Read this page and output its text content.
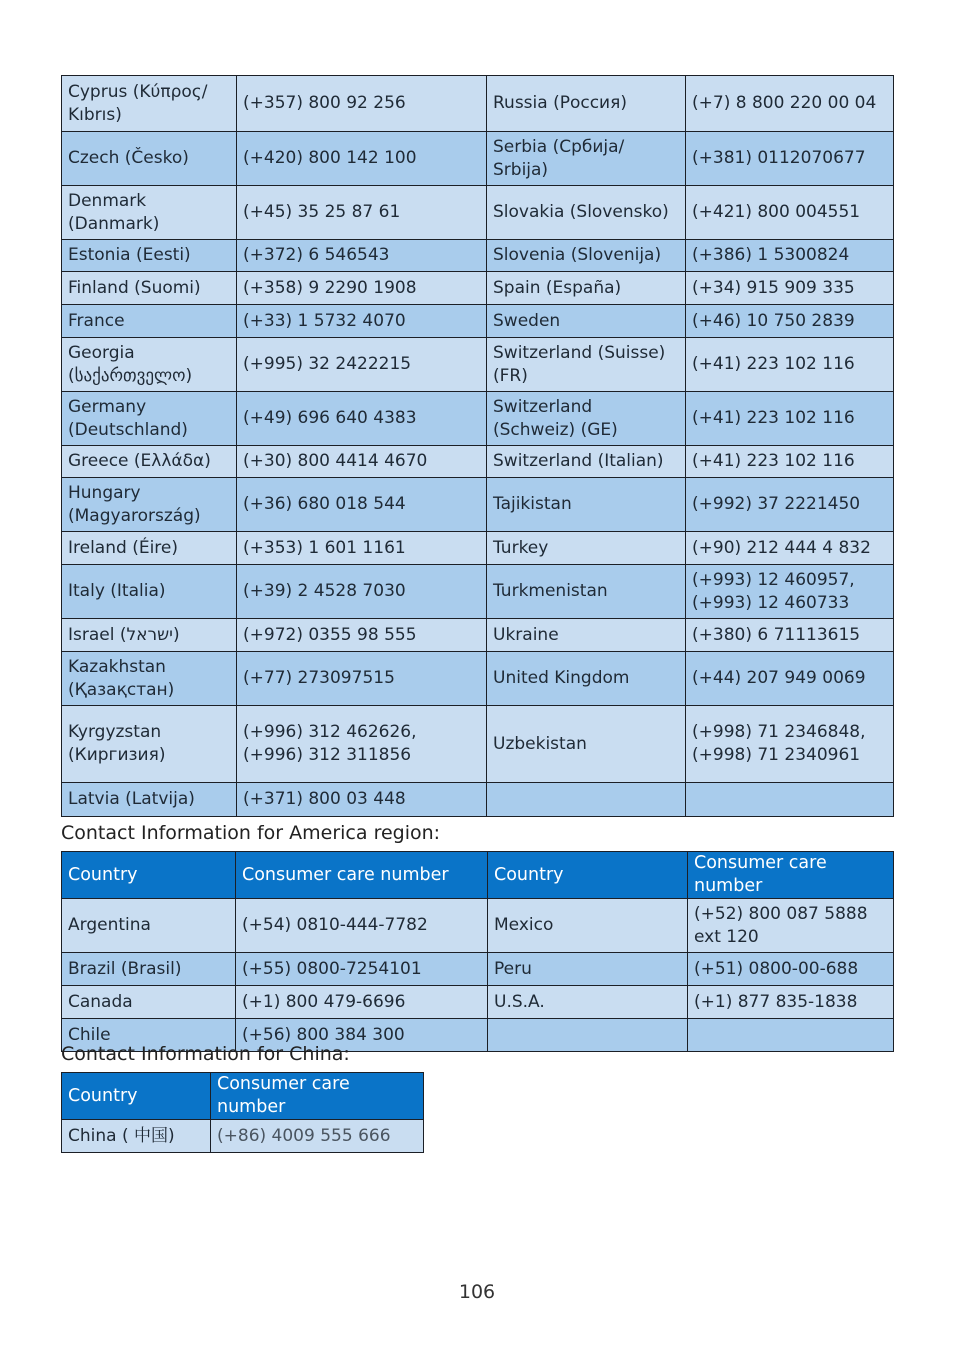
Cyprus (Κύπρος/ Kıbrıs)	(+357) 800 92 256	Russia (Россия)	(+7) 8 800 220 00 04
Czech (Česko)	(+420) 800 142 100	Serbia (Србија/ Srbija)	(+381) 0112070677
Denmark (Danmark)	(+45) 35 25 87 61	Slovakia (Slovensko)	(+421) 800 004551
Estonia (Eesti)	(+372) 6 546543	Slovenia (Slovenija)	(+386) 1 5300824
Finland (Suomi)	(+358) 9 2290 1908	Spain (España)	(+34) 915 909 335
France	(+33) 1 5732 4070	Sweden	(+46) 10 750 2839
Georgia (საქართველო)	(+995) 32 2422215	Switzerland (Suisse) (FR)	(+41) 223 102 116
Germany (Deutschland)	(+49) 696 640 4383	Switzerland (Schweiz) (GE)	(+41) 223 102 116
Greece (Ελλάδα)	(+30) 800 4414 4670	Switzerland (Italian)	(+41) 223 102 116
Hungary (Magyarország)	(+36) 680 018 544	Tajikistan	(+992) 37 2221450
Ireland (Éire)	(+353) 1 601 1161	Turkey	(+90) 212 444 4 832
Italy (Italia)	(+39) 2 4528 7030	Turkmenistan	(+993) 12 460957, (+993) 12 460733
Israel (ישראל)	(+972) 0355 98 555	Ukraine	(+380) 6 71113615
Kazakhstan (Қазақстан)	(+77) 273097515	United Kingdom	(+44) 207 949 0069
Kyrgyzstan (Киргизия)	(+996) 312 462626, (+996) 312 311856	Uzbekistan	(+998) 71 2346848, (+998) 71 2340961
Latvia (Latvija)	(+371) 800 03 448		
Contact Information for America region:
Country	Consumer care number	Country	Consumer care number
Argentina	(+54) 0810-444-7782	Mexico	(+52) 800 087 5888 ext 120
Brazil (Brasil)	(+55) 0800-7254101	Peru	(+51) 0800-00-688
Canada	(+1) 800 479-6696	U.S.A.	(+1) 877 835-1838
Chile	(+56) 800 384 300		
Contact Information for China:
Country	Consumer care number
China ( 中国)	(+86) 4009 555 666
106
